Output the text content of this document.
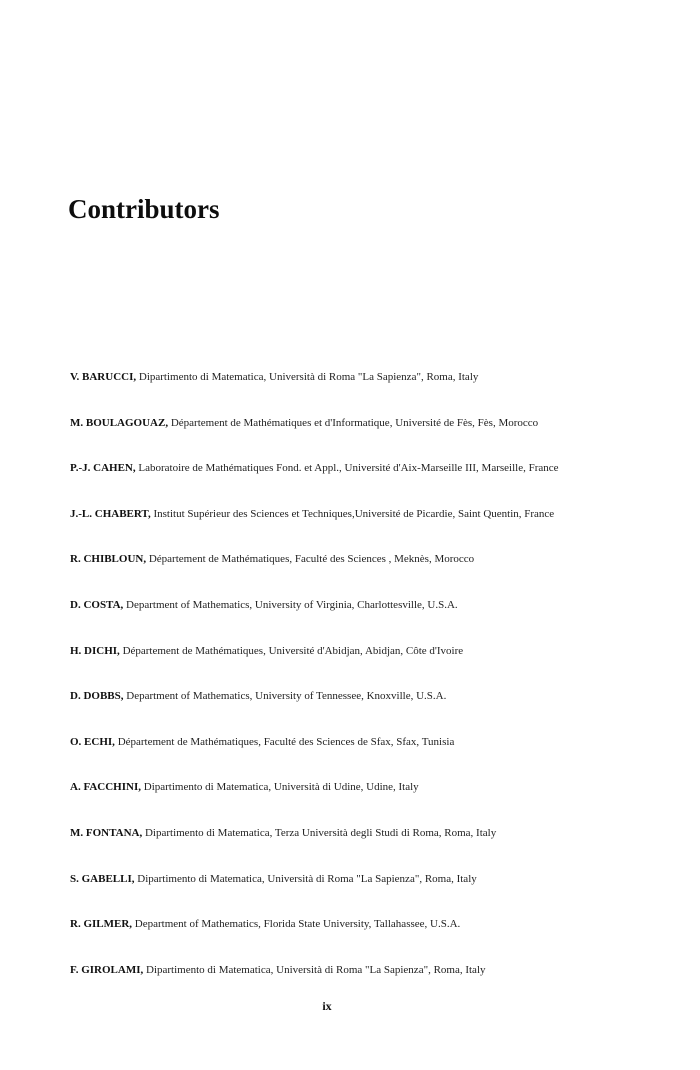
Contributors
V. BARUCCI, Dipartimento di Matematica, Università di Roma "La Sapienza", Roma, Italy
M. BOULAGOUAZ, Département de Mathématiques et d'Informatique, Université de Fès, Fès, Morocco
P.-J. CAHEN, Laboratoire de Mathématiques Fond. et Appl., Université d'Aix-Marseille III, Marseille, France
J.-L. CHABERT, Institut Supérieur des Sciences et Techniques,Université de Picardie, Saint Quentin, France
R. CHIBLOUN, Département de Mathématiques, Faculté des Sciences , Meknès, Morocco
D. COSTA, Department of Mathematics, University of Virginia, Charlottesville, U.S.A.
H. DICHI, Département de Mathématiques, Université d'Abidjan, Abidjan, Côte d'Ivoire
D. DOBBS, Department of Mathematics, University of Tennessee, Knoxville, U.S.A.
O. ECHI, Département de Mathématiques, Faculté des Sciences de Sfax, Sfax, Tunisia
A. FACCHINI, Dipartimento di Matematica, Università di Udine, Udine, Italy
M. FONTANA, Dipartimento di Matematica, Terza Università degli Studi di Roma, Roma, Italy
S. GABELLI, Dipartimento di Matematica, Università di Roma "La Sapienza", Roma, Italy
R. GILMER, Department of Mathematics, Florida State University, Tallahassee, U.S.A.
F. GIROLAMI, Dipartimento di Matematica, Università di Roma "La Sapienza", Roma, Italy
ix
